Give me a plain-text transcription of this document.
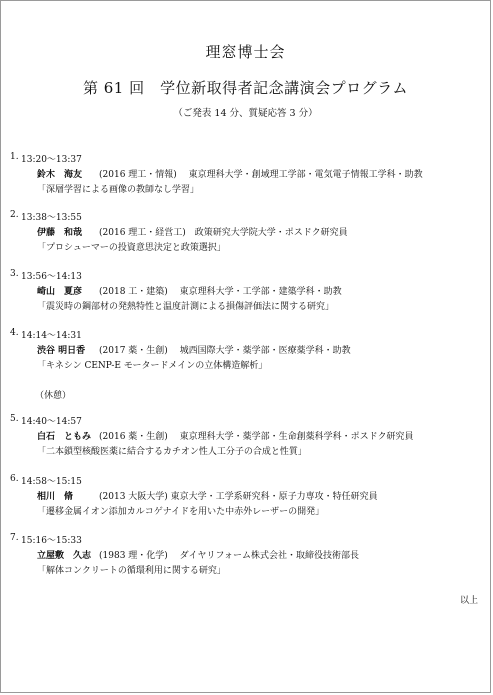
理窓博士会
第 61 回　学位新取得者記念講演会プログラム
（ご発表 14 分、質疑応答 3 分）
1. 13:20〜13:37
鈴木　海友 (2016 理工・情報)　 東京理科大学・創域理工学部・電気電子情報工学科・助教
「深層学習による画像の教師なし学習」
2. 13:38〜13:55
伊藤　和哉 (2016 理工・経営工)　政策研究大学院大学・ポスドク研究員
「プロシューマーの投資意思決定と政策選択」
3. 13:56〜14:13
崎山　夏彦 (2018 工・建築)　 東京理科大学・工学部・建築学科・助教
「震災時の鋼部材の発熱特性と温度計測による損傷評価法に関する研究」
4. 14:14〜14:31
渋谷 明日香 (2017 薬・生創)　 城西国際大学・薬学部・医療薬学科・助教
「キネシン CENP-E モータードメインの立体構造解析」
（休憩）
5. 14:40〜14:57
白石　ともみ (2016 薬・生創)　 東京理科大学・薬学部・生命創薬科学科・ポスドク研究員
「二本鎖型核酸医薬に結合するカチオン性人工分子の合成と性質」
6. 14:58〜15:15
相川　脩	(2013 大阪大学) 東京大学・工学系研究科・原子力専攻・特任研究員
「遷移金属イオン添加カルコゲナイドを用いた中赤外レーザーの開発」
7. 15:16〜15:33
立屋敷　久志 (1983 理・化学)　 ダイヤリフォーム株式会社・取締役技術部長
「解体コンクリートの循環利用に関する研究」
以上
